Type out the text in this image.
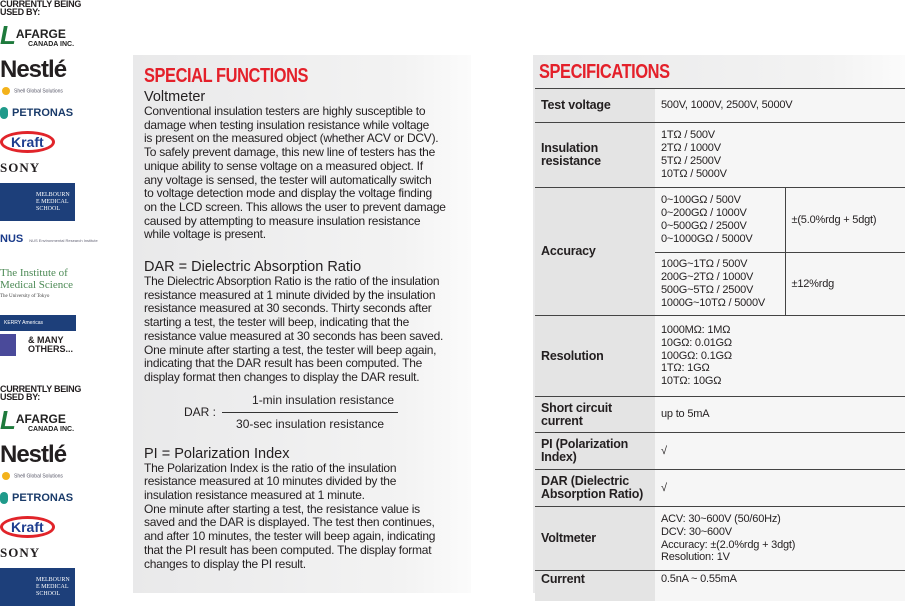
CURRENTLY BEING
USED BY:
LAFARGE
CANADA INC.
Nestlé
Shell Global Solutions
PETRONAS
Kraft
SONY
MELBOURNE MEDICAL SCHOOL
NUS NUS Environmental Research Institute
The Institute of
Medical Science
The University of Tokyo
KERRY Americas
& MANY OTHERS...
CURRENTLY BEING
USED BY:
LAFARGE
CANADA INC.
Nestlé
Shell Global Solutions
PETRONAS
Kraft
SONY
MELBOURNE MEDICAL SCHOOL
SPECIAL FUNCTIONS
Voltmeter
Conventional insulation testers are highly susceptible to
damage when testing insulation resistance while voltage
is present on the measured object (whether ACV or DCV).
To safely prevent damage, this new line of testers has the
unique ability to sense voltage on a measured object. If
any voltage is sensed, the tester will automatically switch
to voltage detection mode and display the voltage finding
on the LCD screen. This allows the user to prevent damage
caused by attempting to measure insulation resistance
while voltage is present.
DAR = Dielectric Absorption Ratio
The Dielectric Absorption Ratio is the ratio of the insulation
resistance measured at 1 minute divided by the insulation
resistance measured at 30 seconds. Thirty seconds after
starting a test, the tester will beep, indicating that the
resistance value measured at 30 seconds has been saved.
One minute after starting a test, the tester will beep again,
indicating that the DAR result has been computed. The
display format then changes to display the DAR result.
DAR : $\frac{\text{1-min insulation resistance}}{\text{30-sec insulation resistance}}$
PI = Polarization Index
The Polarization Index is the ratio of the insulation
resistance measured at 10 minutes divided by the
insulation resistance measured at 1 minute.
One minute after starting a test, the resistance value is
saved and the DAR is displayed. The test then continues,
and after 10 minutes, the tester will beep again, indicating
that the PI result has been computed. The display format
changes to display the PI result.
SPECIFICATIONS
Test voltage	500V, 1000V, 2500V, 5000V	
Insulation resistance	1TΩ / 500V
2TΩ / 1000V
5TΩ / 2500V
10TΩ / 5000V	

Accuracy	0~100GΩ / 500V
0~200GΩ / 1000V
0~500GΩ / 2500V
0~1000GΩ / 5000V	±(5.0%rdg + 5dgt)

	100G~1TΩ / 500V
200G~2TΩ / 1000V
500G~5TΩ / 2500V
1000G~10TΩ / 5000V	±12%rdg
Resolution	1000MΩ: 1MΩ
10GΩ: 0.01GΩ
100GΩ: 0.1GΩ
1TΩ: 1GΩ
10TΩ: 10GΩ	

Short circuit current	up to 5mA	
PI (Polarization Index)	√	
DAR (Dielectric Absorption Ratio)	√	
Voltmeter	ACV: 30~600V (50/60Hz)
DCV: 30~600V
Accuracy: ±(2.0%rdg + 3dgt)
Resolution: 1V	

Current	0.5nA ~ 0.55mA	
